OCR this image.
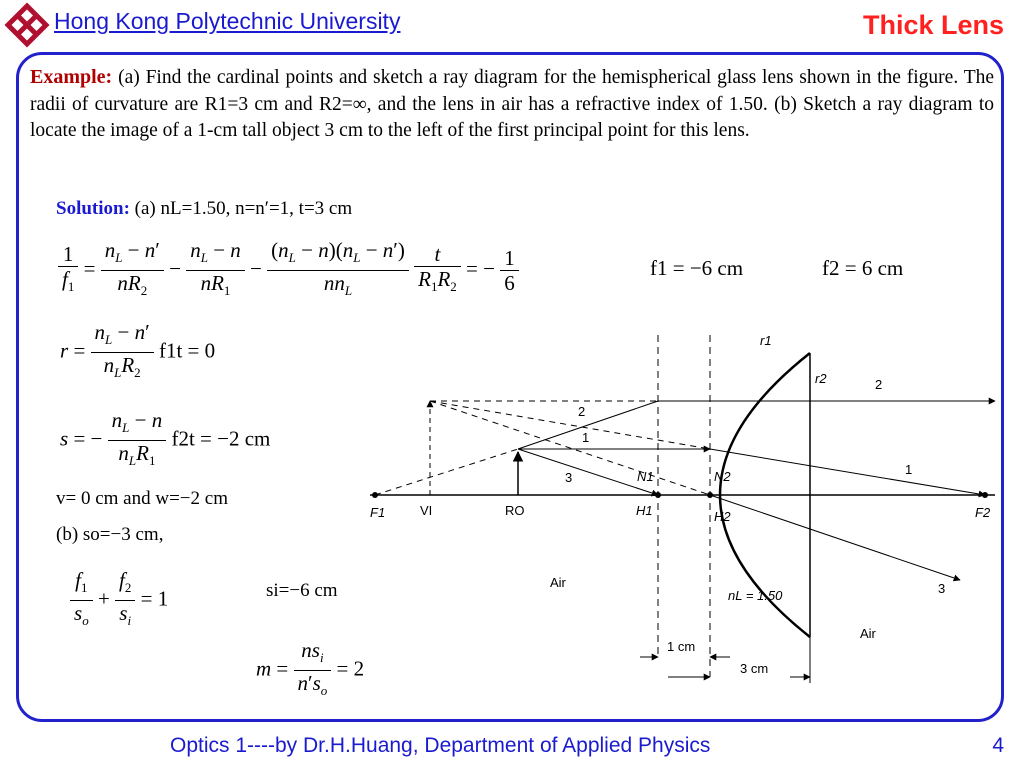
Hong Kong Polytechnic University	Thick Lens
Example: (a) Find the cardinal points and sketch a ray diagram for the hemispherical glass lens shown in the figure. The radii of curvature are R1=3 cm and R2=∞, and the lens in air has a refractive index of 1.50. (b) Sketch a ray diagram to locate the image of a 1-cm tall object 3 cm to the left of the first principal point for this lens.
Solution: (a) nL=1.50, n=n′=1, t=3 cm
$\frac{1}{f_1} = \frac{n_L - n'}{nR_2} - \frac{n_L - n}{nR_1} - \frac{(n_L - n)(n_L - n')}{nn_L}$
$\frac{t}{R_1R_2}$ = − $\frac{1}{6}$	f1 = −6 cm	f2 = 6 cm
$r = \frac{n_L - n'}{n_LR_2} f1t = 0$
s = − $\frac{n_L - n}{n_LR_1} f2t = -2$ cm
v= 0 cm and w=−2 cm
(b) so=−3 cm,
$\frac{f_1}{s_o} + \frac{f_2}{s_i} = 1$	si=−6 cm
$m = \frac{ns_i}{n's_o} = 2$
r1
r2	2
2
1
1
3
3
F1	VI	RO
N1	N2
H1	H2	F2
Air
Air
nL = 1.50
1 cm
3 cm
Optics 1----by Dr.H.Huang, Department of Applied Physics	4
